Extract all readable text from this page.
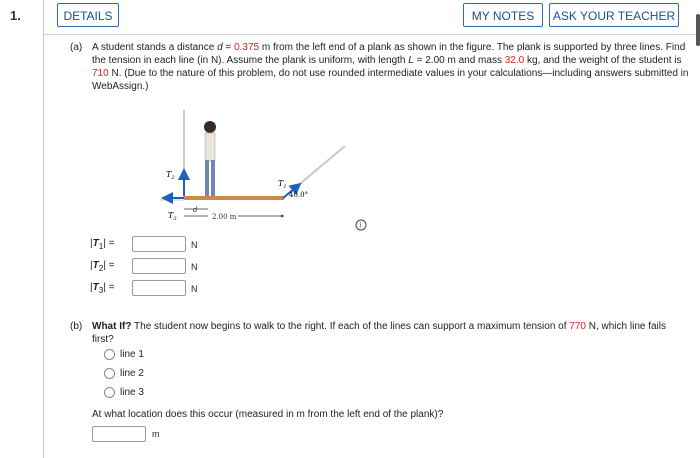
1.	DETAILS	MY NOTES	ASK YOUR TEACHER
(a) A student stands a distance d = 0.375 m from the left end of a plank as shown in the figure. The plank is supported by three lines. Find the tension in each line (in N). Assume the plank is uniform, with length L = 2.00 m and mass 32.0 kg, and the weight of the student is 710 N. (Due to the nature of this problem, do not use rounded intermediate values in your calculations—including answers submitted in WebAssign.)
$T_2$
$T_1$
$T_3$
40.0°
d
2.00 m
i
$|T_1|$ =	N
$|T_2|$ =	N
$|T_3|$ =	N
(b) What If? The student now begins to walk to the right. If each of the lines can support a maximum tension of 770 N, which line fails first?
line 1
line 2
line 3
At what location does this occur (measured in m from the left end of the plank)?
m
